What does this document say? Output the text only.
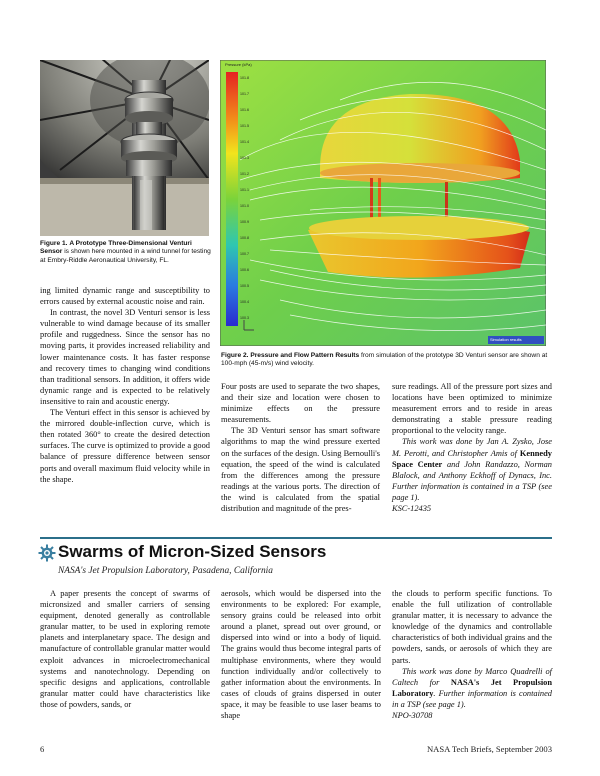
Figure 1. A Prototype Three-Dimensional Venturi Sensor is shown here mounted in a wind tunnel for testing at Embry-Riddle Aeronautical University, FL.
Pressure (kPa)
101.8
101.7
101.6
101.5
101.4
101.3
101.2
101.1
101.0
100.9
100.8
100.7
100.6
100.5
100.4
100.3
Simulation results
Figure 2. Pressure and Flow Pattern Results from simulation of the prototype 3D Venturi sensor are shown at 100-mph (45-m/s) wind velocity.

ing limited dynamic range and susceptibility to errors caused by external acoustic noise and rain.

In contrast, the novel 3D Venturi sensor is less vulnerable to wind damage because of its smaller profile and ruggedness. Since the sensor has no moving parts, it provides increased reliability and lower maintenance costs. It has faster response and recovery times to changing wind conditions than traditional sensors. In addition, it offers wide dynamic range and is expected to be relatively insensitive to rain and acoustic energy.

The Venturi effect in this sensor is achieved by the mirrored double-inflection curve, which is then rotated 360° to create the desired detection surfaces. The curve is optimized to provide a good balance of pressure difference between sensor ports and overall maximum fluid velocity while in the shape.

Four posts are used to separate the two shapes, and their size and location were chosen to minimize effects on the pressure measurements.

The 3D Venturi sensor has smart software algorithms to map the wind pressure exerted on the surfaces of the design. Using Bernoulli's equation, the speed of the wind is calculated from the differences among the pressure readings at the various ports. The direction of the wind is calculated from the spatial distribution and magnitude of the pres-

sure readings. All of the pressure port sizes and locations have been optimized to minimize measurement errors and to reside in areas demonstrating a stable pressure reading proportional to the velocity range.

This work was done by Jan A. Zysko, Jose M. Perotti, and Christopher Amis of Kennedy Space Center and John Randazzo, Norman Blalock, and Anthony Eckhoff of Dynacs, Inc. Further information is contained in a TSP (see page 1).

KSC-12435

Swarms of Micron-Sized Sensors
NASA's Jet Propulsion Laboratory, Pasadena, California

A paper presents the concept of swarms of micronsized and smaller carriers of sensing equipment, denoted generally as controllable granular matter, to be used in exploring remote planets and interplanetary space. The design and manufacture of controllable granular matter would exploit advances in microelectromechanical systems and nanotechnology. Depending on specific designs and applications, controllable granular matter could have characteristics like those of powders, sands, or

aerosols, which would be dispersed into the environments to be explored: For example, sensory grains could be released into orbit around a planet, spread out over ground, or dispersed into wind or into a body of liquid. The grains would thus become integral parts of multiphase environments, where they would function individually and/or collectively to gather information about the environments. In cases of clouds of grains dispersed in outer space, it may be feasible to use laser beams to shape

the clouds to perform specific functions. To enable the full utilization of controllable granular matter, it is necessary to advance the knowledge of the dynamics and controllable characteristics of both individual grains and the powders, sands, or aerosols of which they are parts.

This work was done by Marco Quadrelli of Caltech for NASA's Jet Propulsion Laboratory. Further information is contained in a TSP (see page 1).

NPO-30708

6	NASA Tech Briefs, September 2003
